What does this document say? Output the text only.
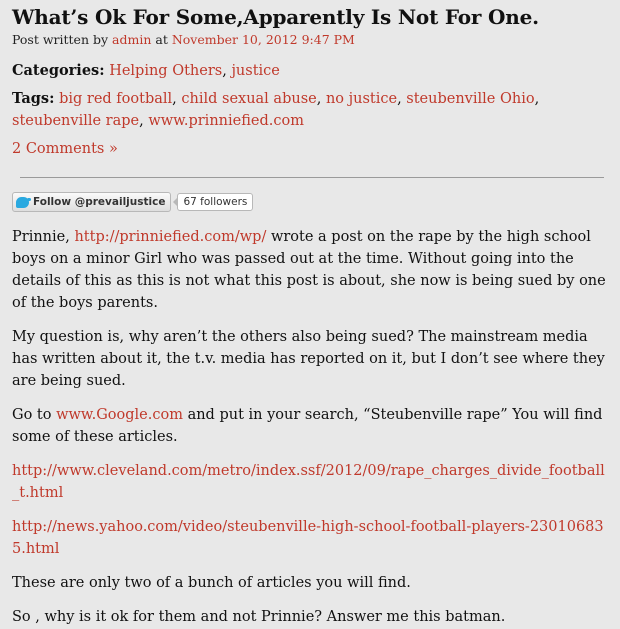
What’s Ok For Some,Apparently Is Not For One.
Post written by admin at November 10, 2012 9:47 PM
Categories: Helping Others, justice
Tags: big red football, child sexual abuse, no justice, steubenville Ohio, steubenville rape, www.prinniefied.com
2 Comments »
Follow @prevailjustice	67 followers

Prinnie, http://prinniefied.com/wp/ wrote a post on the rape by the high school boys on a minor Girl who was passed out at the time. Without going into the details of this as this is not what this post is about, she now is being sued by one of the boys parents.

My question is, why aren’t the others also being sued? The mainstream media has written about it, the t.v. media has reported on it, but I don’t see where they are being sued.

Go to www.Google.com and put in your search, “Steubenville rape” You will find some of these articles.

http://www.cleveland.com/metro/index.ssf/2012/09/rape_charges_divide_football_t.html

http://news.yahoo.com/video/steubenville-high-school-football-players-230106835.html

These are only two of a bunch of articles you will find.

So , why is it ok for them and not Prinnie? Answer me this batman.
